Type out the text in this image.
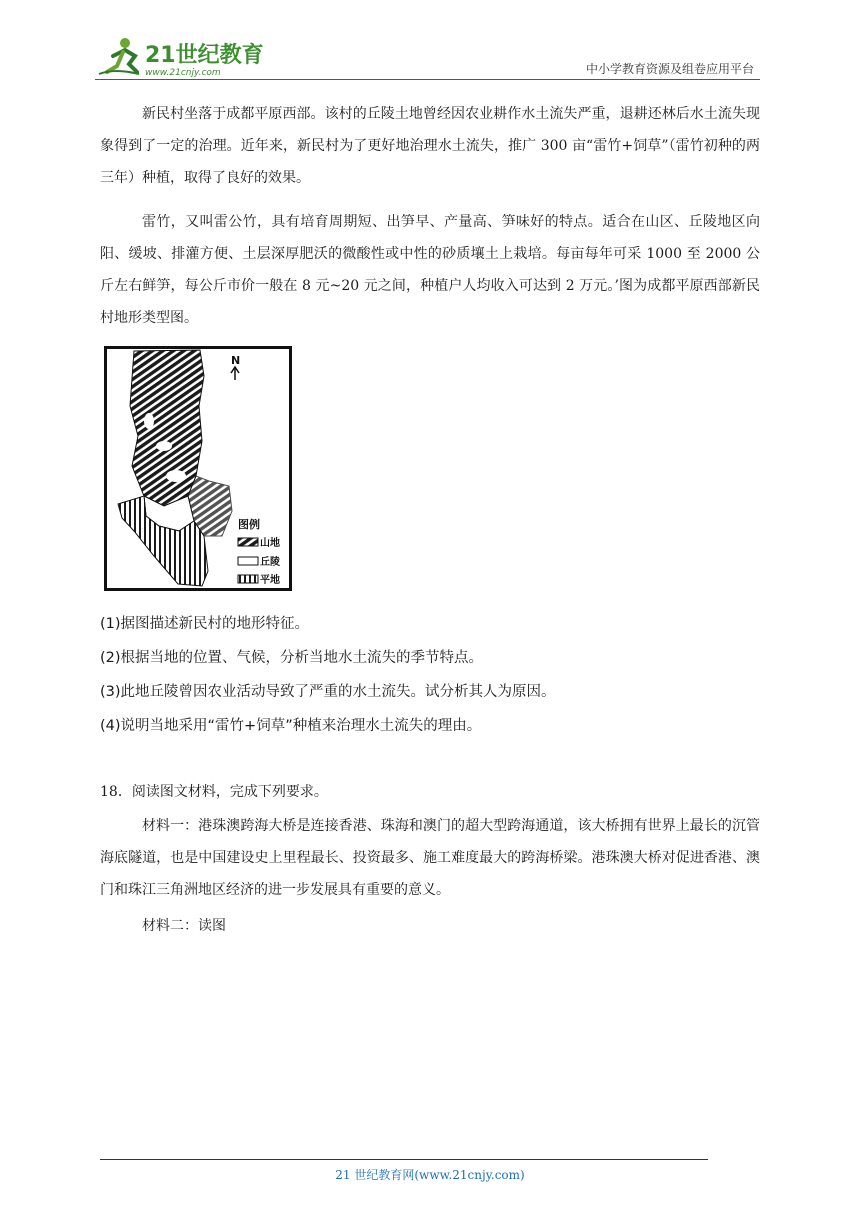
21世纪教育
www.21cnjy.com	中小学教育资源及组卷应用平台

新民村坐落于成都平原西部。该村的丘陵土地曾经因农业耕作水土流失严重，退耕还林后水土流失现象得到了一定的治理。近年来，新民村为了更好地治理水土流失，推广 300 亩“雷竹+饲草”（雷竹初种的两三年）种植，取得了良好的效果。

雷竹，又叫雷公竹，具有培育周期短、出笋早、产量高、笋味好的特点。适合在山区、丘陵地区向阳、缓坡、排灌方便、土层深厚肥沃的微酸性或中性的砂质壤土上栽培。每亩每年可采 1000 至 2000 公斤左右鲜笋，每公斤市价一般在 8 元~20 元之间，种植户人均收入可达到 2 万元。’图为成都平原西部新民村地形类型图。

N
图例
山地
丘陵
平地

(1)据图描述新民村的地形特征。

(2)根据当地的位置、气候，分析当地水土流失的季节特点。

(3)此地丘陵曾因农业活动导致了严重的水土流失。试分析其人为原因。

(4)说明当地采用“雷竹+饲草”种植来治理水土流失的理由。

18．阅读图文材料，完成下列要求。

材料一：港珠澳跨海大桥是连接香港、珠海和澳门的超大型跨海通道，该大桥拥有世界上最长的沉管海底隧道，也是中国建设史上里程最长、投资最多、施工难度最大的跨海桥梁。港珠澳大桥对促进香港、澳门和珠江三角洲地区经济的进一步发展具有重要的意义。

材料二：读图

21 世纪教育网(www.21cnjy.com)
